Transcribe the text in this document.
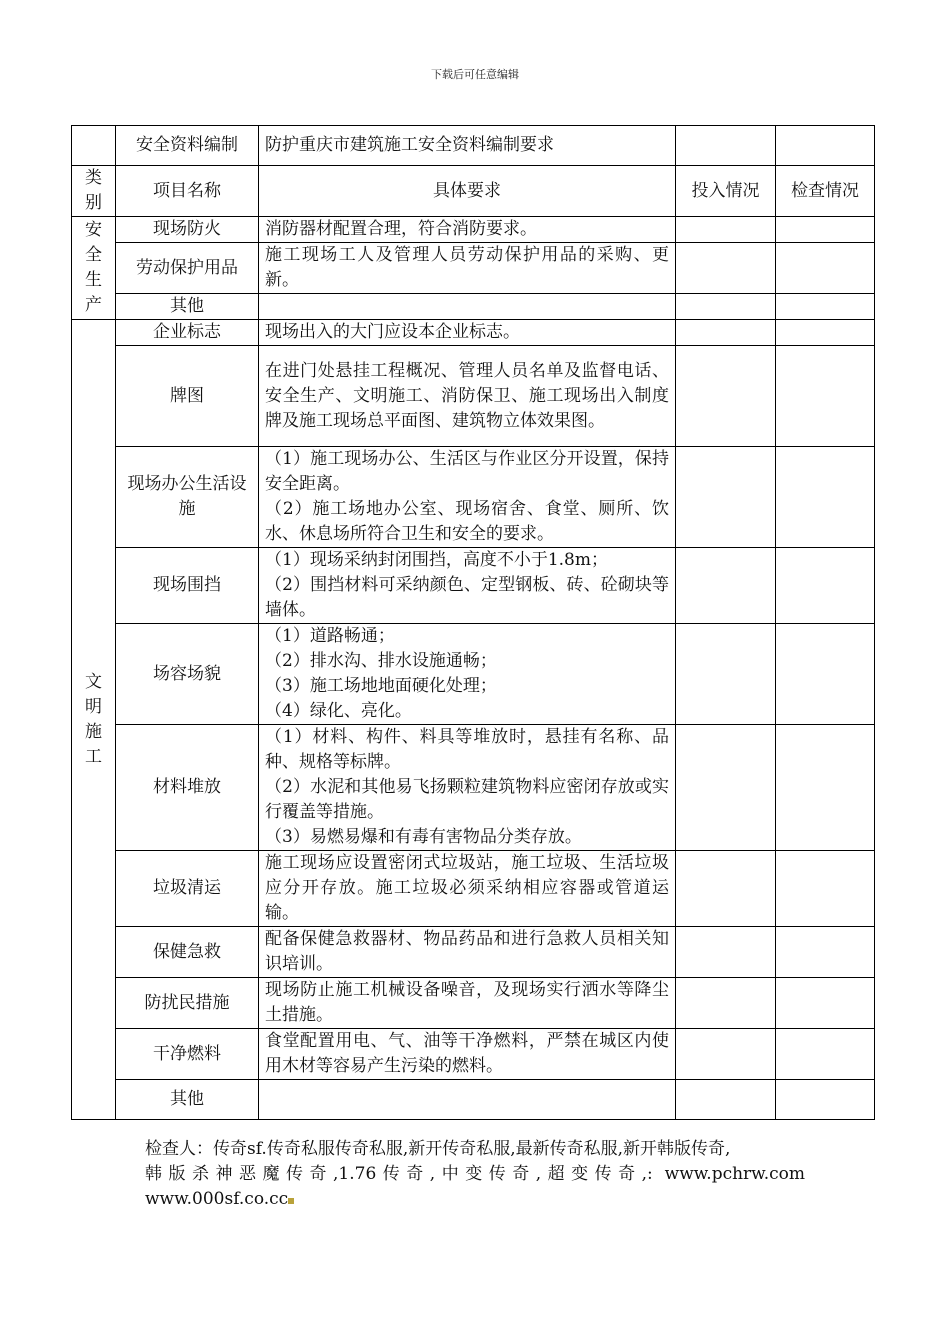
下载后可任意编辑
	安全资料编制	防护重庆市建筑施工安全资料编制要求		
类别	项目名称	具体要求	投入情况	检查情况
安全生产	现场防火	消防器材配置合理，符合消防要求。		

	劳动保护用品	施工现场工人及管理人员劳动保护用品的采购、更新。		

	其他	

文明施工	企业标志	现场出入的大门应设本企业标志。		

	牌图	在进门处悬挂工程概况、管理人员名单及监督电话、安全生产、文明施工、消防保卫、施工现场出入制度牌及施工现场总平面图、建筑物立体效果图。		

	现场办公生活设施	（1）施工现场办公、生活区与作业区分开设置，保持安全距离。
（2）施工场地办公室、现场宿舍、食堂、厕所、饮水、休息场所符合卫生和安全的要求。		

	现场围挡	（1）现场采纳封闭围挡，高度不小于1.8m；
（2）围挡材料可采纳颜色、定型钢板、砖、砼砌块等墙体。		

	场容场貌	（1）道路畅通；
（2）排水沟、排水设施通畅；
（3）施工场地地面硬化处理；
（4）绿化、亮化。		

	材料堆放	（1）材料、构件、料具等堆放时，悬挂有名称、品种、规格等标牌。
（2）水泥和其他易飞扬颗粒建筑物料应密闭存放或实行覆盖等措施。
（3）易燃易爆和有毒有害物品分类存放。		

	垃圾清运	施工现场应设置密闭式垃圾站，施工垃圾、生活垃圾应分开存放。施工垃圾必须采纳相应容器或管道运输。		

	保健急救	配备保健急救器材、物品药品和进行急救人员相关知识培训。		

	防扰民措施	现场防止施工机械设备噪音，及现场实行洒水等降尘土措施。		

	干净燃料	食堂配置用电、气、油等干净燃料，严禁在城区内使用木材等容易产生污染的燃料。		

	其他	

检查人：传奇sf.传奇私服传奇私服,新开传奇私服,最新传奇私服,新开韩版传奇,
韩版杀神恶魔传奇,1.76传奇,中变传奇,超变传奇,: www.pchrw.com
www.000sf.co.cc
